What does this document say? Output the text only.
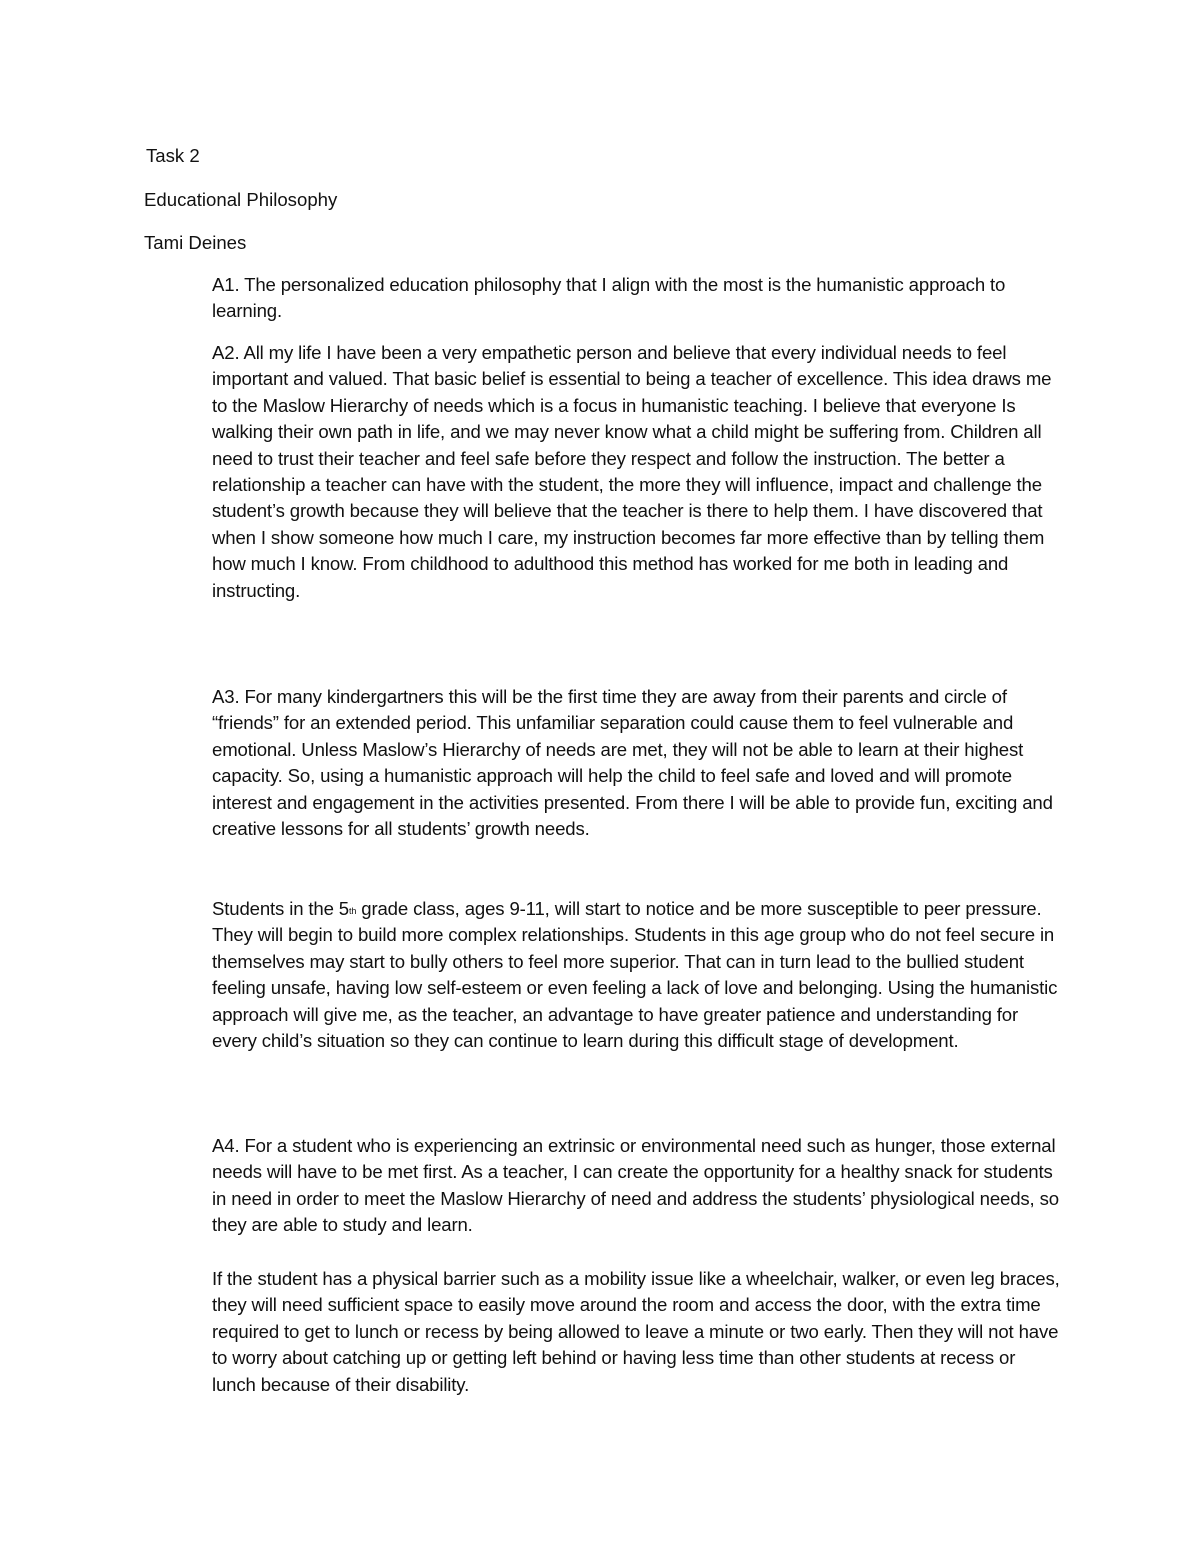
Task 2
Educational Philosophy
Tami Deines

A1. The personalized education philosophy that I align with the most is the humanistic approach to learning.

A2. All my life I have been a very empathetic person and believe that every individual needs to feel important and valued. That basic belief is essential to being a teacher of excellence. This idea draws me to the Maslow Hierarchy of needs which is a focus in humanistic teaching. I believe that everyone Is walking their own path in life, and we may never know what a child might be suffering from. Children all need to trust their teacher and feel safe before they respect and follow the instruction. The better a relationship a teacher can have with the student, the more they will influence, impact and challenge the student’s growth because they will believe that the teacher is there to help them. I have discovered that when I show someone how much I care, my instruction becomes far more effective than by telling them how much I know. From childhood to adulthood this method has worked for me both in leading and instructing.

A3. For many kindergartners this will be the first time they are away from their parents and circle of “friends” for an extended period. This unfamiliar separation could cause them to feel vulnerable and emotional. Unless Maslow’s Hierarchy of needs are met, they will not be able to learn at their highest capacity. So, using a humanistic approach will help the child to feel safe and loved and will promote interest and engagement in the activities presented. From there I will be able to provide fun, exciting and creative lessons for all students’ growth needs.

Students in the 5th grade class, ages 9-11, will start to notice and be more susceptible to peer pressure. They will begin to build more complex relationships. Students in this age group who do not feel secure in themselves may start to bully others to feel more superior. That can in turn lead to the bullied student feeling unsafe, having low self-esteem or even feeling a lack of love and belonging. Using the humanistic approach will give me, as the teacher, an advantage to have greater patience and understanding for every child’s situation so they can continue to learn during this difficult stage of development.

A4. For a student who is experiencing an extrinsic or environmental need such as hunger, those external needs will have to be met first. As a teacher, I can create the opportunity for a healthy snack for students in need in order to meet the Maslow Hierarchy of need and address the students’ physiological needs, so they are able to study and learn.

If the student has a physical barrier such as a mobility issue like a wheelchair, walker, or even leg braces, they will need sufficient space to easily move around the room and access the door, with the extra time required to get to lunch or recess by being allowed to leave a minute or two early. Then they will not have to worry about catching up or getting left behind or having less time than other students at recess or lunch because of their disability.
